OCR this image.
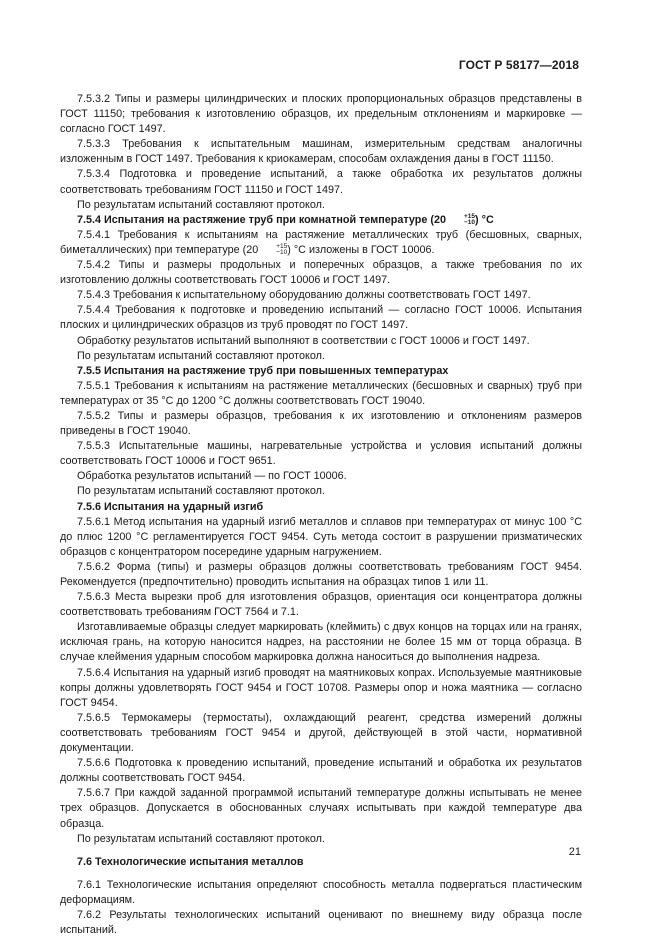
ГОСТ Р 58177—2018

7.5.3.2 Типы и размеры цилиндрических и плоских пропорциональных образцов представлены в ГОСТ 11150; требования к изготовлению образцов, их предельным отклонениям и маркировке — согласно ГОСТ 1497.

7.5.3.3 Требования к испытательным машинам, измерительным средствам аналогичны изложенным в ГОСТ 1497. Требования к криокамерам, способам охлаждения даны в ГОСТ 11150.

7.5.3.4 Подготовка и проведение испытаний, а также обработка их результатов должны соответствовать требованиям ГОСТ 11150 и ГОСТ 1497.

По результатам испытаний составляют протокол.

7.5.4 Испытания на растяжение труб при комнатной температуре (20	+15
−10 ) °С

7.5.4.1 Требования к испытаниям на растяжение металлических труб (бесшовных, сварных, биметаллических) при температуре (20	+15
−10 ) °С изложены в ГОСТ 10006.

7.5.4.2 Типы и размеры продольных и поперечных образцов, а также требования по их изготовлению должны соответствовать ГОСТ 10006 и ГОСТ 1497.

7.5.4.3 Требования к испытательному оборудованию должны соответствовать ГОСТ 1497.

7.5.4.4 Требования к подготовке и проведению испытаний — согласно ГОСТ 10006. Испытания плоских и цилиндрических образцов из труб проводят по ГОСТ 1497.

Обработку результатов испытаний выполняют в соответствии с ГОСТ 10006 и ГОСТ 1497.

По результатам испытаний составляют протокол.

7.5.5 Испытания на растяжение труб при повышенных температурах

7.5.5.1 Требования к испытаниям на растяжение металлических (бесшовных и сварных) труб при температурах от 35 °С до 1200 °С должны соответствовать ГОСТ 19040.

7.5.5.2 Типы и размеры образцов, требования к их изготовлению и отклонениям размеров приведены в ГОСТ 19040.

7.5.5.3 Испытательные машины, нагревательные устройства и условия испытаний должны соответствовать ГОСТ 10006 и ГОСТ 9651.

Обработка результатов испытаний — по ГОСТ 10006.

По результатам испытаний составляют протокол.

7.5.6 Испытания на ударный изгиб

7.5.6.1 Метод испытания на ударный изгиб металлов и сплавов при температурах от минус 100 °С до плюс 1200 °С регламентируется ГОСТ 9454. Суть метода состоит в разрушении призматических образцов с концентратором посередине ударным нагружением.

7.5.6.2 Форма (типы) и размеры образцов должны соответствовать требованиям ГОСТ 9454. Рекомендуется (предпочтительно) проводить испытания на образцах типов 1 или 11.

7.5.6.3 Места вырезки проб для изготовления образцов, ориентация оси концентратора должны соответствовать требованиям ГОСТ 7564 и 7.1.

Изготавливаемые образцы следует маркировать (клеймить) с двух концов на торцах или на гранях, исключая грань, на которую наносится надрез, на расстоянии не более 15 мм от торца образца. В случае клеймения ударным способом маркировка должна наноситься до выполнения надреза.

7.5.6.4 Испытания на ударный изгиб проводят на маятниковых копрах. Используемые маятниковые копры должны удовлетворять ГОСТ 9454 и ГОСТ 10708. Размеры опор и ножа маятника — согласно ГОСТ 9454.

7.5.6.5 Термокамеры (термостаты), охлаждающий реагент, средства измерений должны соответствовать требованиям ГОСТ 9454 и другой, действующей в этой части, нормативной документации.

7.5.6.6 Подготовка к проведению испытаний, проведение испытаний и обработка их результатов должны соответствовать ГОСТ 9454.

7.5.6.7 При каждой заданной программой испытаний температуре должны испытывать не менее трех образцов. Допускается в обоснованных случаях испытывать при каждой температуре два образца.

По результатам испытаний составляют протокол.

7.6 Технологические испытания металлов

7.6.1 Технологические испытания определяют способность металла подвергаться пластическим деформациям.

7.6.2 Результаты технологических испытаний оценивают по внешнему виду образца после испытаний.

21
